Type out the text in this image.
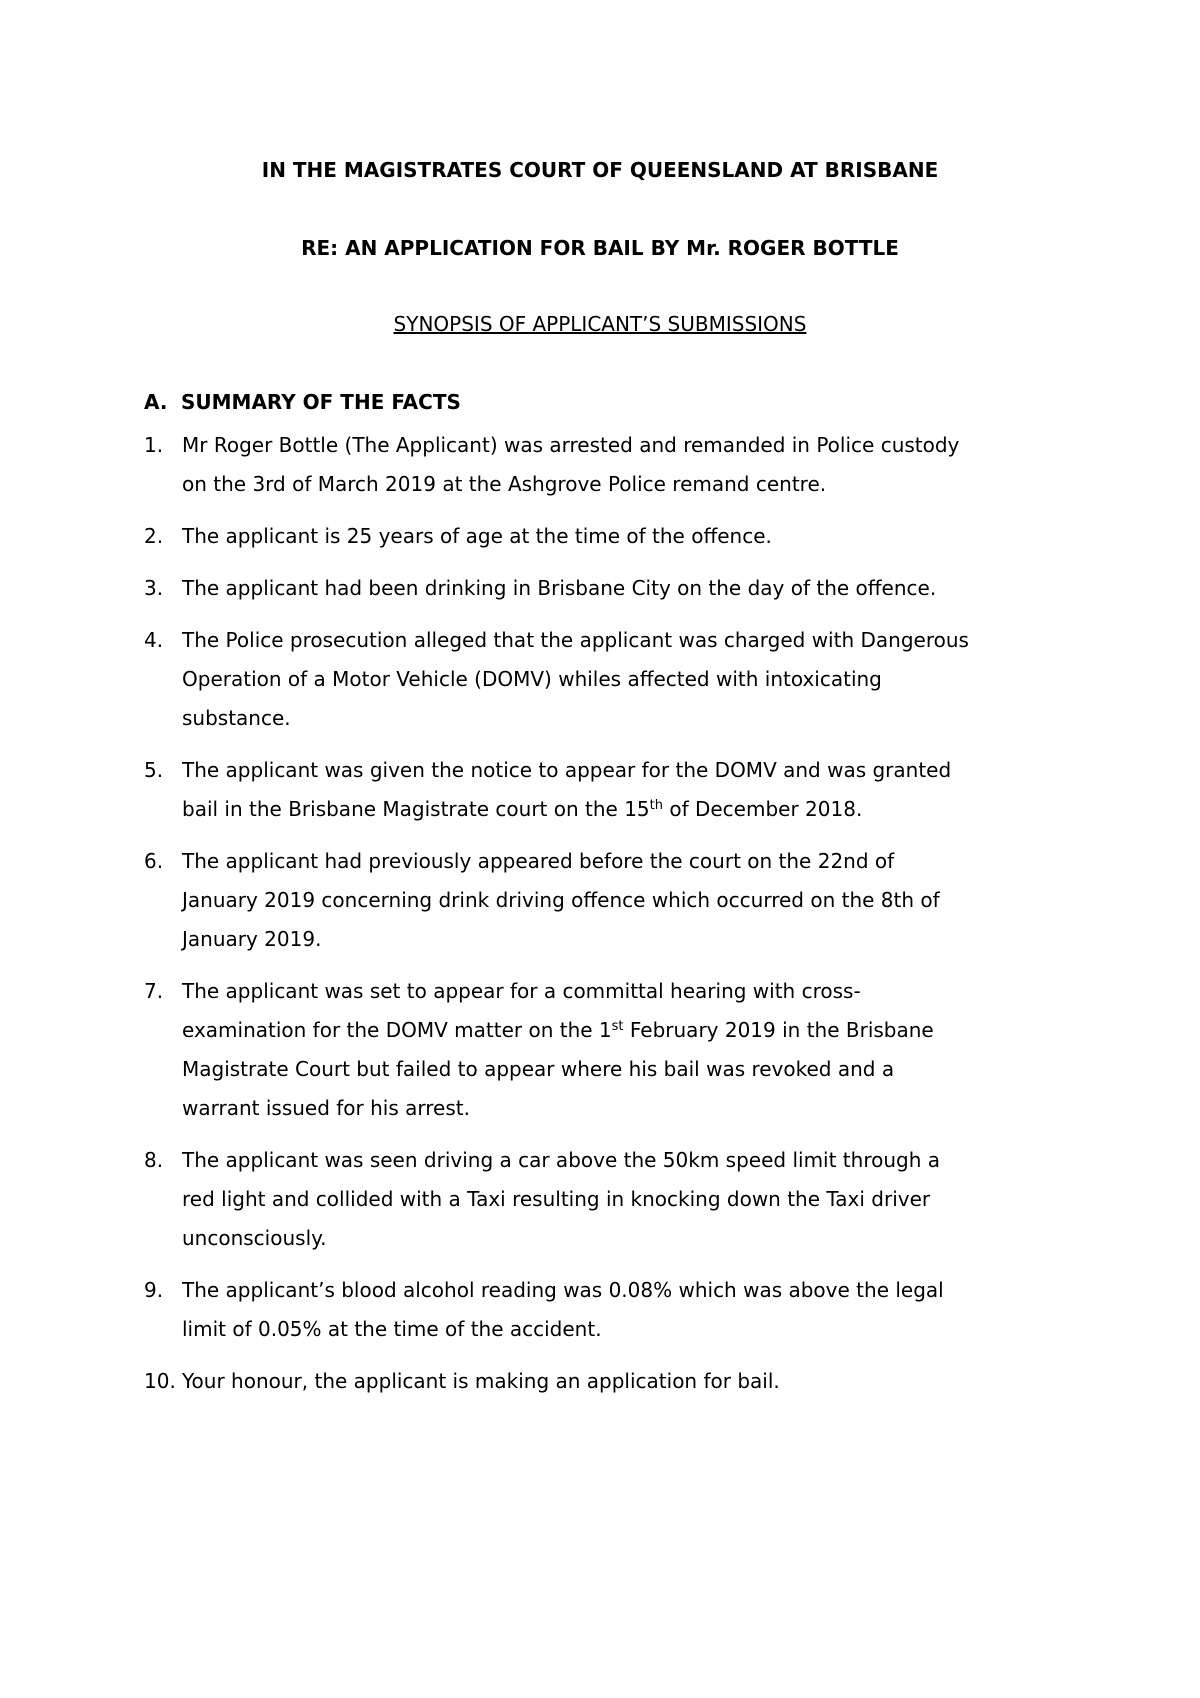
IN THE MAGISTRATES COURT OF QUEENSLAND AT BRISBANE
RE: AN APPLICATION FOR BAIL BY Mr. ROGER BOTTLE
SYNOPSIS OF APPLICANT’S SUBMISSIONS
A. SUMMARY OF THE FACTS
1. Mr Roger Bottle (The Applicant) was arrested and remanded in Police custody
on the 3rd of March 2019 at the Ashgrove Police remand centre.
2. The applicant is 25 years of age at the time of the offence.
3. The applicant had been drinking in Brisbane City on the day of the offence.
4. The Police prosecution alleged that the applicant was charged with Dangerous
Operation of a Motor Vehicle (DOMV) whiles affected with intoxicating
substance.
5. The applicant was given the notice to appear for the DOMV and was granted
bail in the Brisbane Magistrate court on the 15th of December 2018.
6. The applicant had previously appeared before the court on the 22nd of
January 2019 concerning drink driving offence which occurred on the 8th of
January 2019.
7. The applicant was set to appear for a committal hearing with cross-
examination for the DOMV matter on the 1st February 2019 in the Brisbane
Magistrate Court but failed to appear where his bail was revoked and a
warrant issued for his arrest.
8. The applicant was seen driving a car above the 50km speed limit through a
red light and collided with a Taxi resulting in knocking down the Taxi driver
unconsciously.
9. The applicant’s blood alcohol reading was 0.08% which was above the legal
limit of 0.05% at the time of the accident.
10. Your honour, the applicant is making an application for bail.
